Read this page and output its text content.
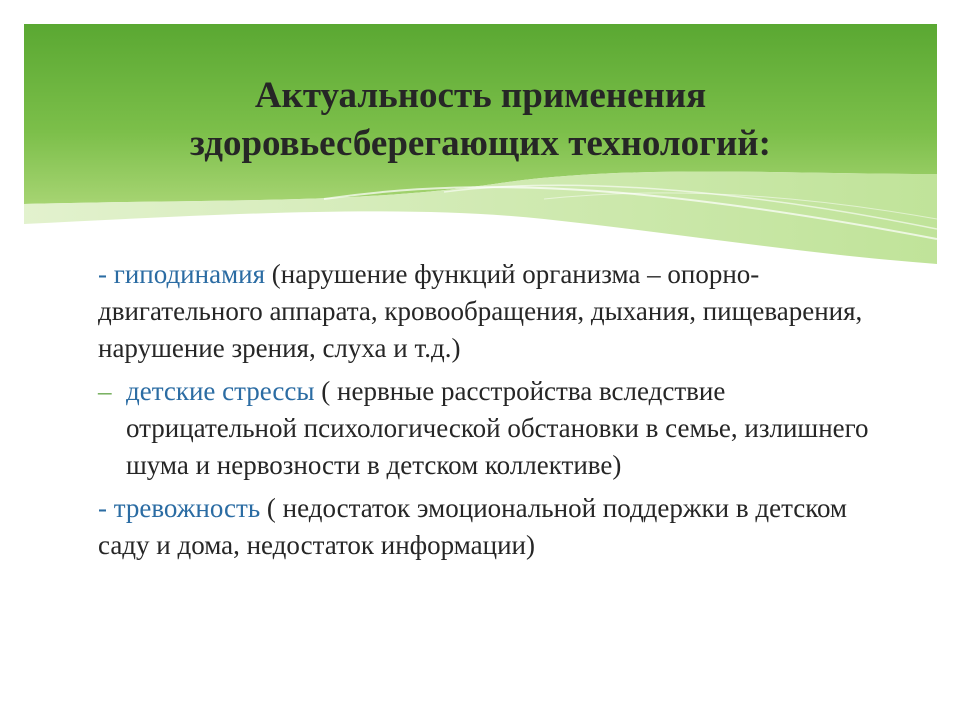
Актуальность применения
здоровьесберегающих технологий:

- гиподинамия (нарушение функций организма – опорно-двигательного аппарата, кровообращения, дыхания, пищеварения, нарушение зрения, слуха и т.д.)

– детские стрессы ( нервные расстройства вследствие отрицательной психологической обстановки в семье, излишнего шума и нервозности в детском коллективе)

- тревожность ( недостаток эмоциональной поддержки в детском саду и дома, недостаток информации)
